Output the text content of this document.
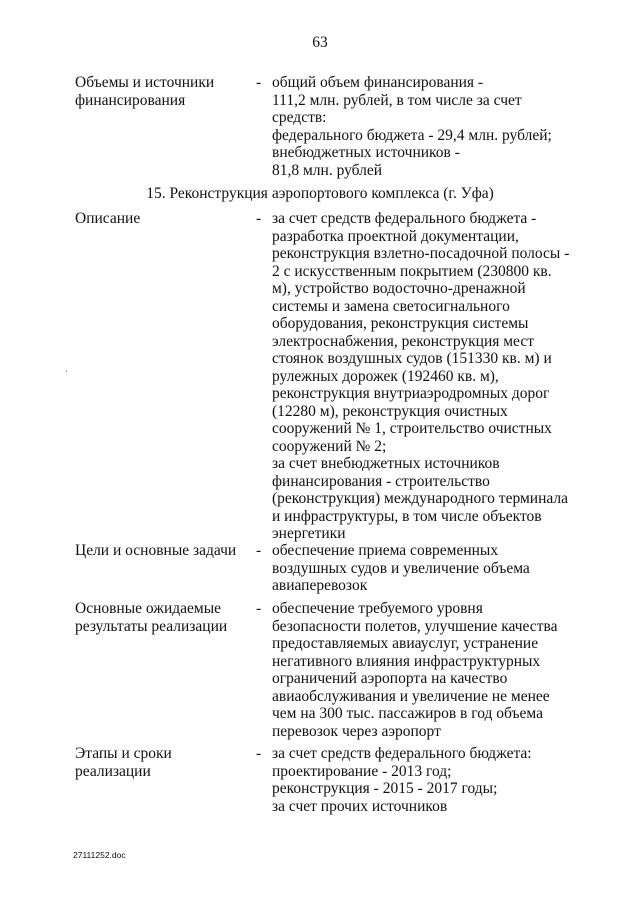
63
Объемы и источники
финансирования
- общий объем финансирования -
111,2 млн. рублей, в том числе за счет
средств:
федерального бюджета - 29,4 млн. рублей;
внебюджетных источников -
81,8 млн. рублей
15. Реконструкция аэропортового комплекса (г. Уфа)
Описание	- за счет средств федерального бюджета -
разработка проектной документации,
реконструкция взлетно-посадочной полосы -
2 с искусственным покрытием (230800 кв.
м), устройство водосточно-дренажной
системы и замена светосигнального
оборудования, реконструкция системы
электроснабжения, реконструкция мест
стоянок воздушных судов (151330 кв. м) и
рулежных дорожек (192460 кв. м),
реконструкция внутриаэродромных дорог
(12280 м), реконструкция очистных
сооружений № 1, строительство очистных
сооружений № 2;
за счет внебюджетных источников
финансирования - строительство
(реконструкция) международного терминала
и инфраструктуры, в том числе объектов
энергетики
Цели и основные задачи	- обеспечение приема современных
воздушных судов и увеличение объема
авиаперевозок
Основные ожидаемые
результаты реализации
- обеспечение требуемого уровня
безопасности полетов, улучшение качества
предоставляемых авиауслуг, устранение
негативного влияния инфраструктурных
ограничений аэропорта на качество
авиаобслуживания и увеличение не менее
чем на 300 тыс. пассажиров в год объема
перевозок через аэропорт
Этапы и сроки
реализации
- за счет средств федерального бюджета:
проектирование - 2013 год;
реконструкция - 2015 - 2017 годы;
за счет прочих источников
27111252.doc
